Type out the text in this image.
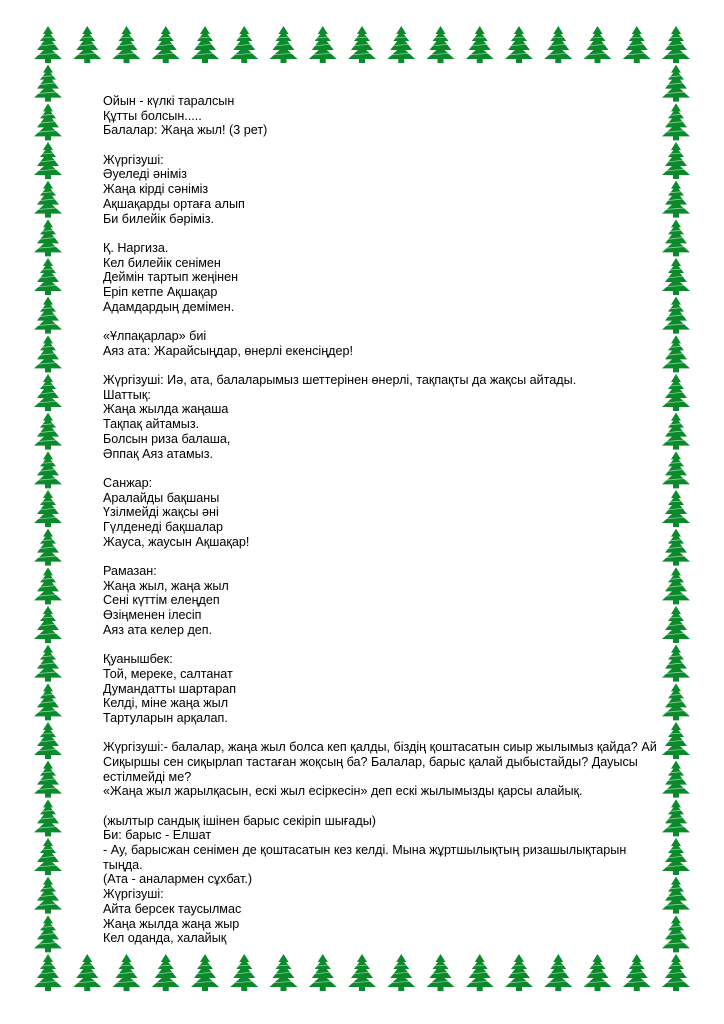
Ойын - күлкі таралсын
Құтты болсын.....
Балалар: Жаңа жыл! (3 рет)
Жүргізуші:
Әуеледі әніміз
Жаңа кірді сәніміз
Ақшақарды ортаға алып
Би билейік бәріміз.
Қ. Наргиза.
Кел билейік сенімен
Деймін тартып жеңінен
Еріп кетпе Ақшақар
Адамдардың демімен.
«Ұлпақарлар» биі
Аяз ата: Жарайсыңдар, өнерлі екенсіңдер!
Жүргізуші: Иә, ата, балаларымыз шеттерінен өнерлі, тақпақты да жақсы айтады.
Шаттық:
Жаңа жылда жаңаша
Тақпақ айтамыз.
Болсын риза балаша,
Әппақ Аяз атамыз.
Санжар:
Аралайды бақшаны
Үзілмейді жақсы әні
Гүлденеді бақшалар
Жауса, жаусын Ақшақар!
Рамазан:
Жаңа жыл, жаңа жыл
Сені күттім елеңдеп
Өзіңменен ілесіп
Аяз ата келер деп.
Қуанышбек:
Той, мереке, салтанат
Думандатты шартарап
Келді, міне жаңа жыл
Тартуларын арқалап.
Жүргізуші:- балалар, жаңа жыл болса кеп қалды, біздің қоштасатын сиыр жылымыз қайда? Ай
Сиқыршы сен сиқырлап тастаған жоқсың ба? Балалар, барыс қалай дыбыстайды? Дауысы
естілмейді ме?
«Жаңа жыл жарылқасын, ескі жыл есіркесін» деп ескі жылымызды қарсы алайық.
(жылтыр сандық ішінен барыс секіріп шығады)
Би: барыс - Елшат
- Ау, барысжан сенімен де қоштасатын кез келді. Мына жұртшылықтың ризашылықтарын
тыңда.
(Ата - аналармен сұхбат.)
Жүргізуші:
Айта берсек таусылмас
Жаңа жылда жаңа жыр
Кел оданда, халайық
